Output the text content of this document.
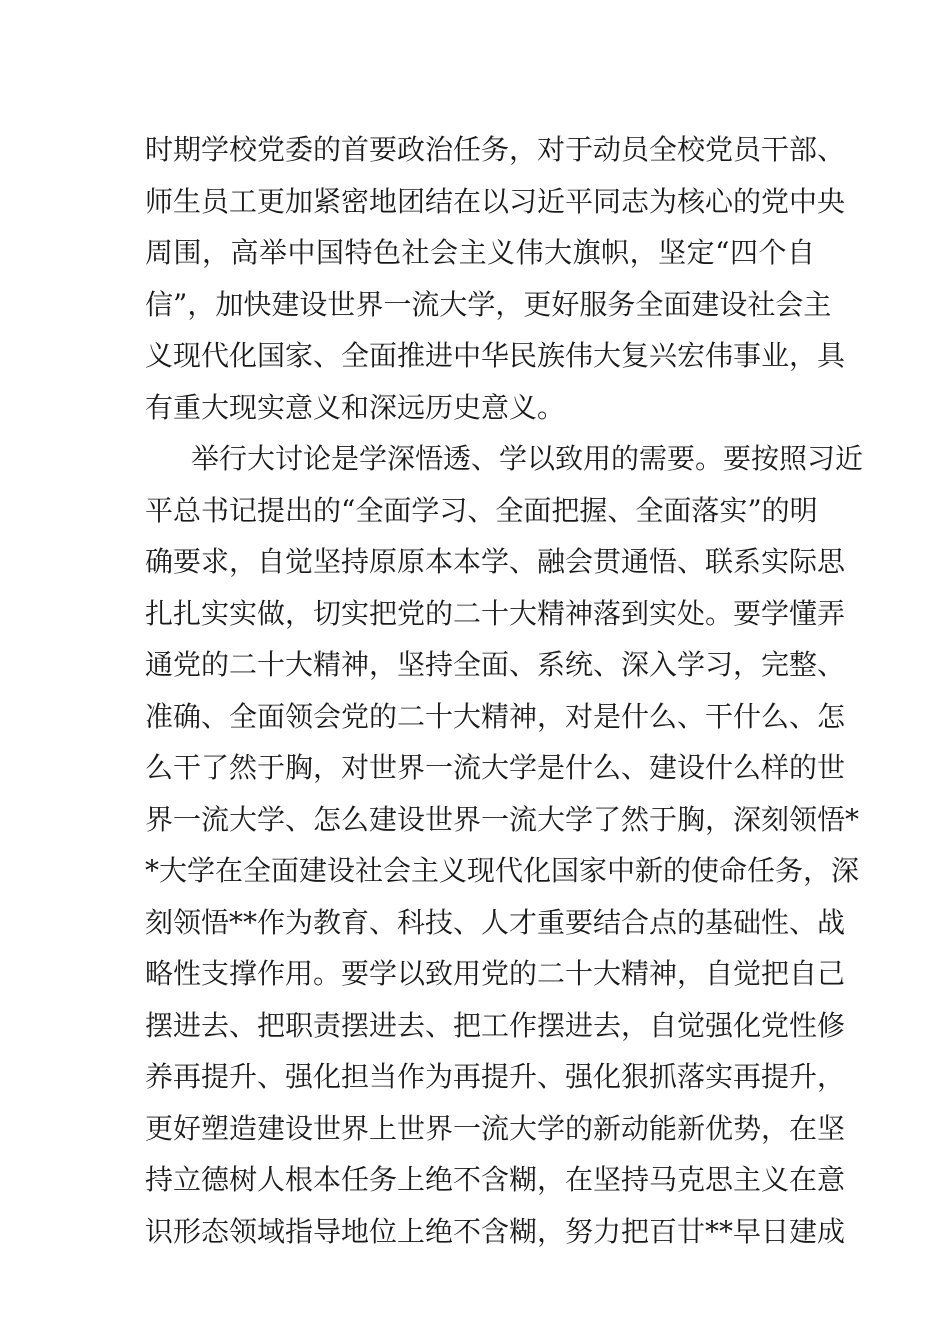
时期学校党委的首要政治任务，对于动员全校党员干部、
师生员工更加紧密地团结在以习近平同志为核心的党中央
周围，高举中国特色社会主义伟大旗帜，坚定“四个自
信”，加快建设世界一流大学，更好服务全面建设社会主
义现代化国家、全面推进中华民族伟大复兴宏伟事业，具
有重大现实意义和深远历史意义。
举行大讨论是学深悟透、学以致用的需要。要按照习近
平总书记提出的“全面学习、全面把握、全面落实”的明
确要求，自觉坚持原原本本学、融会贯通悟、联系实际思
扎扎实实做，切实把党的二十大精神落到实处。要学懂弄
通党的二十大精神，坚持全面、系统、深入学习，完整、
准确、全面领会党的二十大精神，对是什么、干什么、怎
么干了然于胸，对世界一流大学是什么、建设什么样的世
界一流大学、怎么建设世界一流大学了然于胸，深刻领悟*
*大学在全面建设社会主义现代化国家中新的使命任务，深
刻领悟**作为教育、科技、人才重要结合点的基础性、战
略性支撑作用。要学以致用党的二十大精神，自觉把自己
摆进去、把职责摆进去、把工作摆进去，自觉强化党性修
养再提升、强化担当作为再提升、强化狠抓落实再提升，
更好塑造建设世界上世界一流大学的新动能新优势，在坚
持立德树人根本任务上绝不含糊，在坚持马克思主义在意
识形态领域指导地位上绝不含糊，努力把百廿**早日建成
